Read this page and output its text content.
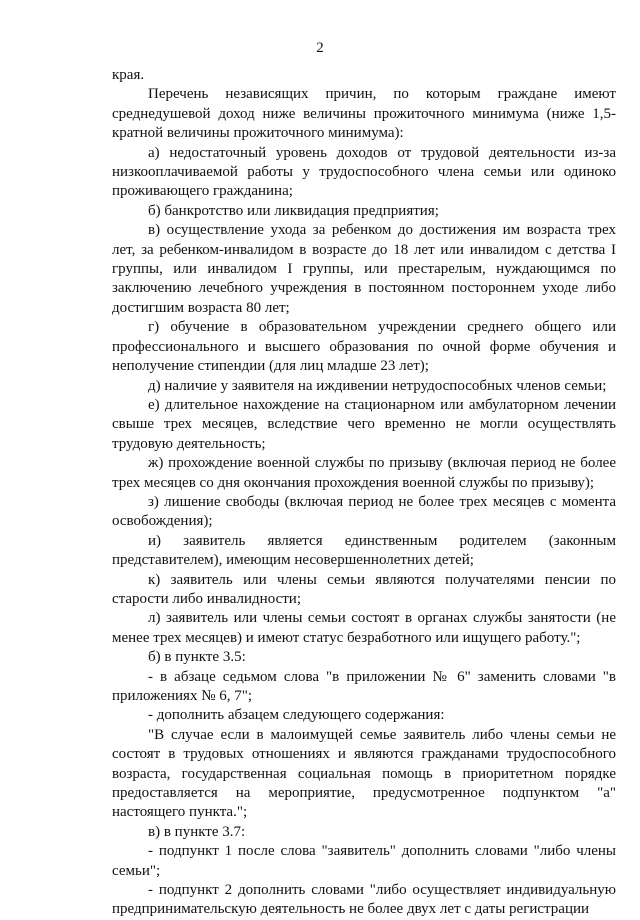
2

края.

Перечень независящих причин, по которым граждане имеют среднедушевой доход ниже величины прожиточного минимума (ниже 1,5-кратной величины прожиточного минимума):

а) недостаточный уровень доходов от трудовой деятельности из-за низкооплачиваемой работы у трудоспособного члена семьи или одиноко проживающего гражданина;

б) банкротство или ликвидация предприятия;

в) осуществление ухода за ребенком до достижения им возраста трех лет, за ребенком-инвалидом в возрасте до 18 лет или инвалидом с детства I группы, или инвалидом I группы, или престарелым, нуждающимся по заключению лечебного учреждения в постоянном постороннем уходе либо достигшим возраста 80 лет;

г) обучение в образовательном учреждении среднего общего или профессионального и высшего образования по очной форме обучения и неполучение стипендии (для лиц младше 23 лет);

д) наличие у заявителя на иждивении нетрудоспособных членов семьи;

е) длительное нахождение на стационарном или амбулаторном лечении свыше трех месяцев, вследствие чего временно не могли осуществлять трудовую деятельность;

ж) прохождение военной службы по призыву (включая период не более трех месяцев со дня окончания прохождения военной службы по призыву);

з) лишение свободы (включая период не более трех месяцев с момента освобождения);

и) заявитель является единственным родителем (законным представителем), имеющим несовершеннолетних детей;

к) заявитель или члены семьи являются получателями пенсии по старости либо инвалидности;

л) заявитель или члены семьи состоят в органах службы занятости (не менее трех месяцев) и имеют статус безработного или ищущего работу.";

б) в пункте 3.5:

- в абзаце седьмом слова "в приложении № 6" заменить словами "в приложениях № 6, 7";

- дополнить абзацем следующего содержания:

"В случае если в малоимущей семье заявитель либо члены семьи не состоят в трудовых отношениях и являются гражданами трудоспособного возраста, государственная социальная помощь в приоритетном порядке предоставляется на мероприятие, предусмотренное подпунктом "а" настоящего пункта.";

в) в пункте 3.7:

- подпункт 1 после слова "заявитель" дополнить словами "либо члены семьи";

- подпункт 2 дополнить словами "либо осуществляет индивидуальную предпринимательскую деятельность не более двух лет с даты регистрации
